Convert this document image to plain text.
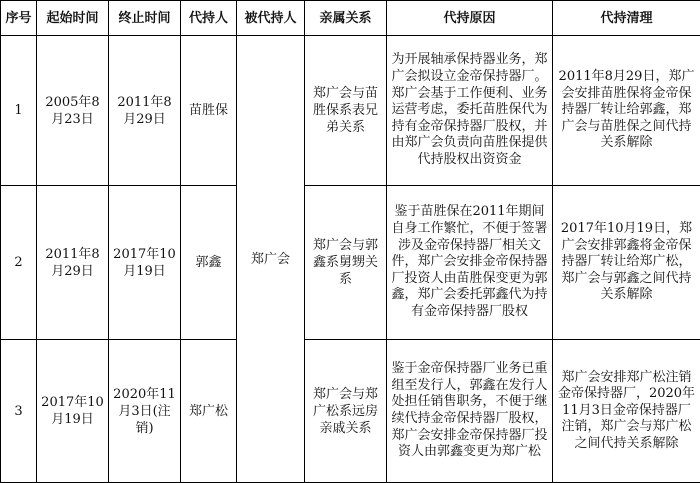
序号	起始时间	终止时间	代持人	被代持人	亲属关系	代持原因	代持清理
1	2005年8月23日	2011年8月29日	苗胜保	郑广会	郑广会与苗胜保系表兄弟关系	为开展轴承保持器业务，郑广会拟设立金帝保持器厂。郑广会基于工作便利、业务运营考虑，委托苗胜保代为持有金帝保持器厂股权，并由郑广会负责向苗胜保提供代持股权出资资金	2011年8月29日，郑广会安排苗胜保将金帝保持器厂转让给郭鑫，郑广会与苗胜保之间代持关系解除
2	2011年8月29日	2017年10月19日	郭鑫		郑广会与郭鑫系舅甥关系	鉴于苗胜保在2011年期间自身工作繁忙，不便于签署涉及金帝保持器厂相关文件，郑广会安排金帝保持器厂投资人由苗胜保变更为郭鑫，郑广会委托郭鑫代为持有金帝保持器厂股权	2017年10月19日，郑广会安排郭鑫将金帝保持器厂转让给郑广松，郑广会与郭鑫之间代持关系解除
3	2017年10月19日	2020年11月3日(注销)	郑广松		郑广会与郑广松系远房亲戚关系	鉴于金帝保持器厂业务已重组至发行人，郭鑫在发行人处担任销售职务，不便于继续代持金帝保持器厂股权，郑广会安排金帝保持器厂投资人由郭鑫变更为郑广松	郑广会安排郑广松注销金帝保持器厂，2020年11月3日金帝保持器厂注销，郑广会与郑广松之间代持关系解除
